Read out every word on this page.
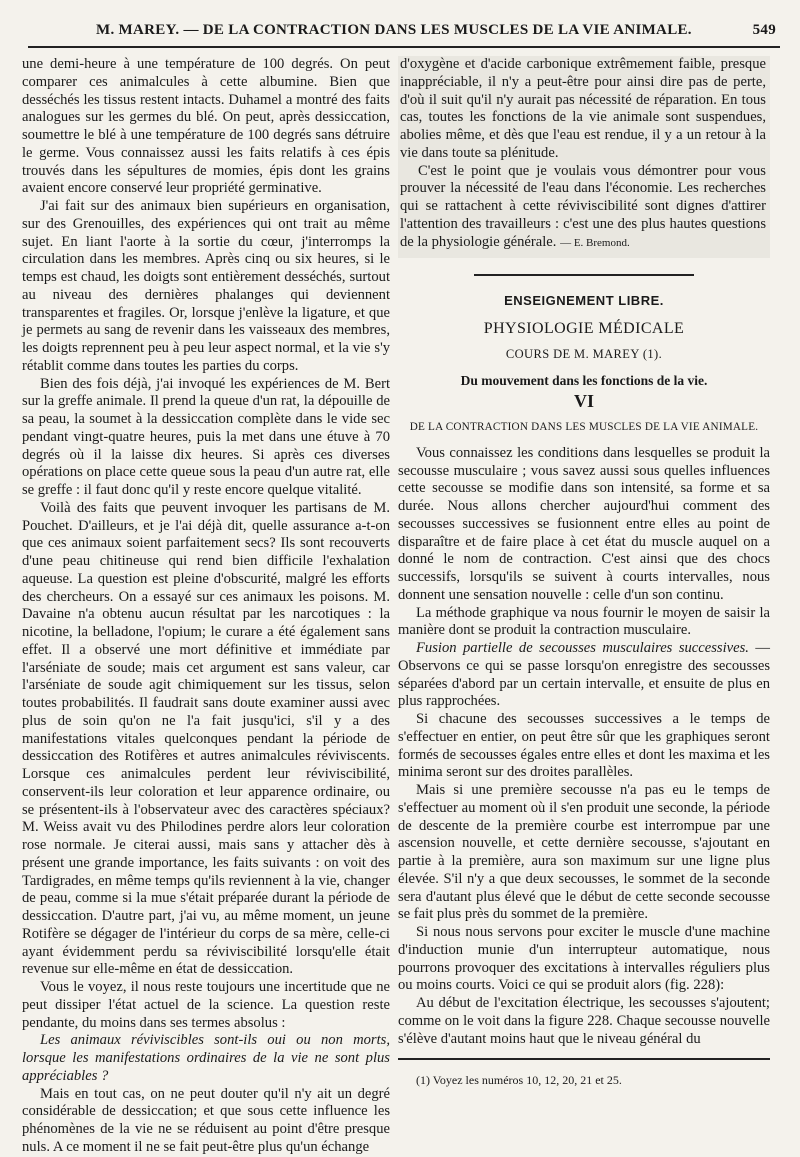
M. MAREY. — DE LA CONTRACTION DANS LES MUSCLES DE LA VIE ANIMALE.	549

une demi-heure à une température de 100 degrés. On peut comparer ces animalcules à cette albumine. Bien que desséchés les tissus restent intacts. Duhamel a montré des faits analogues sur les germes du blé. On peut, après dessiccation, soumettre le blé à une température de 100 degrés sans détruire le germe. Vous connaissez aussi les faits relatifs à ces épis trouvés dans les sépultures de momies, épis dont les grains avaient encore conservé leur propriété germinative.

J'ai fait sur des animaux bien supérieurs en organisation, sur des Grenouilles, des expériences qui ont trait au même sujet. En liant l'aorte à la sortie du cœur, j'interromps la circulation dans les membres. Après cinq ou six heures, si le temps est chaud, les doigts sont entièrement desséchés, surtout au niveau des dernières phalanges qui deviennent transparentes et fragiles. Or, lorsque j'enlève la ligature, et que je permets au sang de revenir dans les vaisseaux des membres, les doigts reprennent peu à peu leur aspect normal, et la vie s'y rétablit comme dans toutes les parties du corps.

Bien des fois déjà, j'ai invoqué les expériences de M. Bert sur la greffe animale. Il prend la queue d'un rat, la dépouille de sa peau, la soumet à la dessiccation complète dans le vide sec pendant vingt-quatre heures, puis la met dans une étuve à 70 degrés où il la laisse dix heures. Si après ces diverses opérations on place cette queue sous la peau d'un autre rat, elle se greffe : il faut donc qu'il y reste encore quelque vitalité.

Voilà des faits que peuvent invoquer les partisans de M. Pouchet. D'ailleurs, et je l'ai déjà dit, quelle assurance a-t-on que ces animaux soient parfaitement secs? Ils sont recouverts d'une peau chitineuse qui rend bien difficile l'exhalation aqueuse. La question est pleine d'obscurité, malgré les efforts des chercheurs. On a essayé sur ces animaux les poisons. M. Davaine n'a obtenu aucun résultat par les narcotiques : la nicotine, la belladone, l'opium; le curare a été également sans effet. Il a observé une mort définitive et immédiate par l'arséniate de soude; mais cet argument est sans valeur, car l'arséniate de soude agit chimiquement sur les tissus, selon toutes probabilités. Il faudrait sans doute examiner aussi avec plus de soin qu'on ne l'a fait jusqu'ici, s'il y a des manifestations vitales quelconques pendant la période de dessiccation des Rotifères et autres animalcules réviviscents. Lorsque ces animalcules perdent leur réviviscibilité, conservent-ils leur coloration et leur apparence ordinaire, ou se présentent-ils à l'observateur avec des caractères spéciaux? M. Weiss avait vu des Philodines perdre alors leur coloration rose normale. Je citerai aussi, mais sans y attacher dès à présent une grande importance, les faits suivants : on voit des Tardigrades, en même temps qu'ils reviennent à la vie, changer de peau, comme si la mue s'était préparée durant la période de dessiccation. D'autre part, j'ai vu, au même moment, un jeune Rotifère se dégager de l'intérieur du corps de sa mère, celle-ci ayant évidemment perdu sa réviviscibilité lorsqu'elle était revenue sur elle-même en état de dessiccation.

Vous le voyez, il nous reste toujours une incertitude que ne peut dissiper l'état actuel de la science. La question reste pendante, du moins dans ses termes absolus :

Les animaux réviviscibles sont-ils oui ou non morts, lorsque les manifestations ordinaires de la vie ne sont plus appréciables ?

Mais en tout cas, on ne peut douter qu'il n'y ait un degré considérable de dessiccation; et que sous cette influence les phénomènes de la vie ne se réduisent au point d'être presque nuls. A ce moment il ne se fait peut-être plus qu'un échange

d'oxygène et d'acide carbonique extrêmement faible, presque inappréciable, il n'y a peut-être pour ainsi dire pas de perte, d'où il suit qu'il n'y aurait pas nécessité de réparation. En tous cas, toutes les fonctions de la vie animale sont suspendues, abolies même, et dès que l'eau est rendue, il y a un retour à la vie dans toute sa plénitude.

C'est le point que je voulais vous démontrer pour vous prouver la nécessité de l'eau dans l'économie. Les recherches qui se rattachent à cette réviviscibilité sont dignes d'attirer l'attention des travailleurs : c'est une des plus hautes questions de la physiologie générale. — E. Bremond.

ENSEIGNEMENT LIBRE.
PHYSIOLOGIE MÉDICALE
COURS DE M. MAREY (1).
Du mouvement dans les fonctions de la vie.
VI
DE LA CONTRACTION DANS LES MUSCLES DE LA VIE ANIMALE.

Vous connaissez les conditions dans lesquelles se produit la secousse musculaire ; vous savez aussi sous quelles influences cette secousse se modifie dans son intensité, sa forme et sa durée. Nous allons chercher aujourd'hui comment des secousses successives se fusionnent entre elles au point de disparaître et de faire place à cet état du muscle auquel on a donné le nom de contraction. C'est ainsi que des chocs successifs, lorsqu'ils se suivent à courts intervalles, nous donnent une sensation nouvelle : celle d'un son continu.

La méthode graphique va nous fournir le moyen de saisir la manière dont se produit la contraction musculaire.

Fusion partielle de secousses musculaires successives. — Observons ce qui se passe lorsqu'on enregistre des secousses séparées d'abord par un certain intervalle, et ensuite de plus en plus rapprochées.

Si chacune des secousses successives a le temps de s'effectuer en entier, on peut être sûr que les graphiques seront formés de secousses égales entre elles et dont les maxima et les minima seront sur des droites parallèles.

Mais si une première secousse n'a pas eu le temps de s'effectuer au moment où il s'en produit une seconde, la période de descente de la première courbe est interrompue par une ascension nouvelle, et cette dernière secousse, s'ajoutant en partie à la première, aura son maximum sur une ligne plus élevée. S'il n'y a que deux secousses, le sommet de la seconde sera d'autant plus élevé que le début de cette seconde secousse se fait plus près du sommet de la première.

Si nous nous servons pour exciter le muscle d'une machine d'induction munie d'un interrupteur automatique, nous pourrons provoquer des excitations à intervalles réguliers plus ou moins courts. Voici ce qui se produit alors (fig. 228):

Au début de l'excitation électrique, les secousses s'ajoutent; comme on le voit dans la figure 228. Chaque secousse nouvelle s'élève d'autant moins haut que le niveau général du

(1) Voyez les numéros 10, 12, 20, 21 et 25.
